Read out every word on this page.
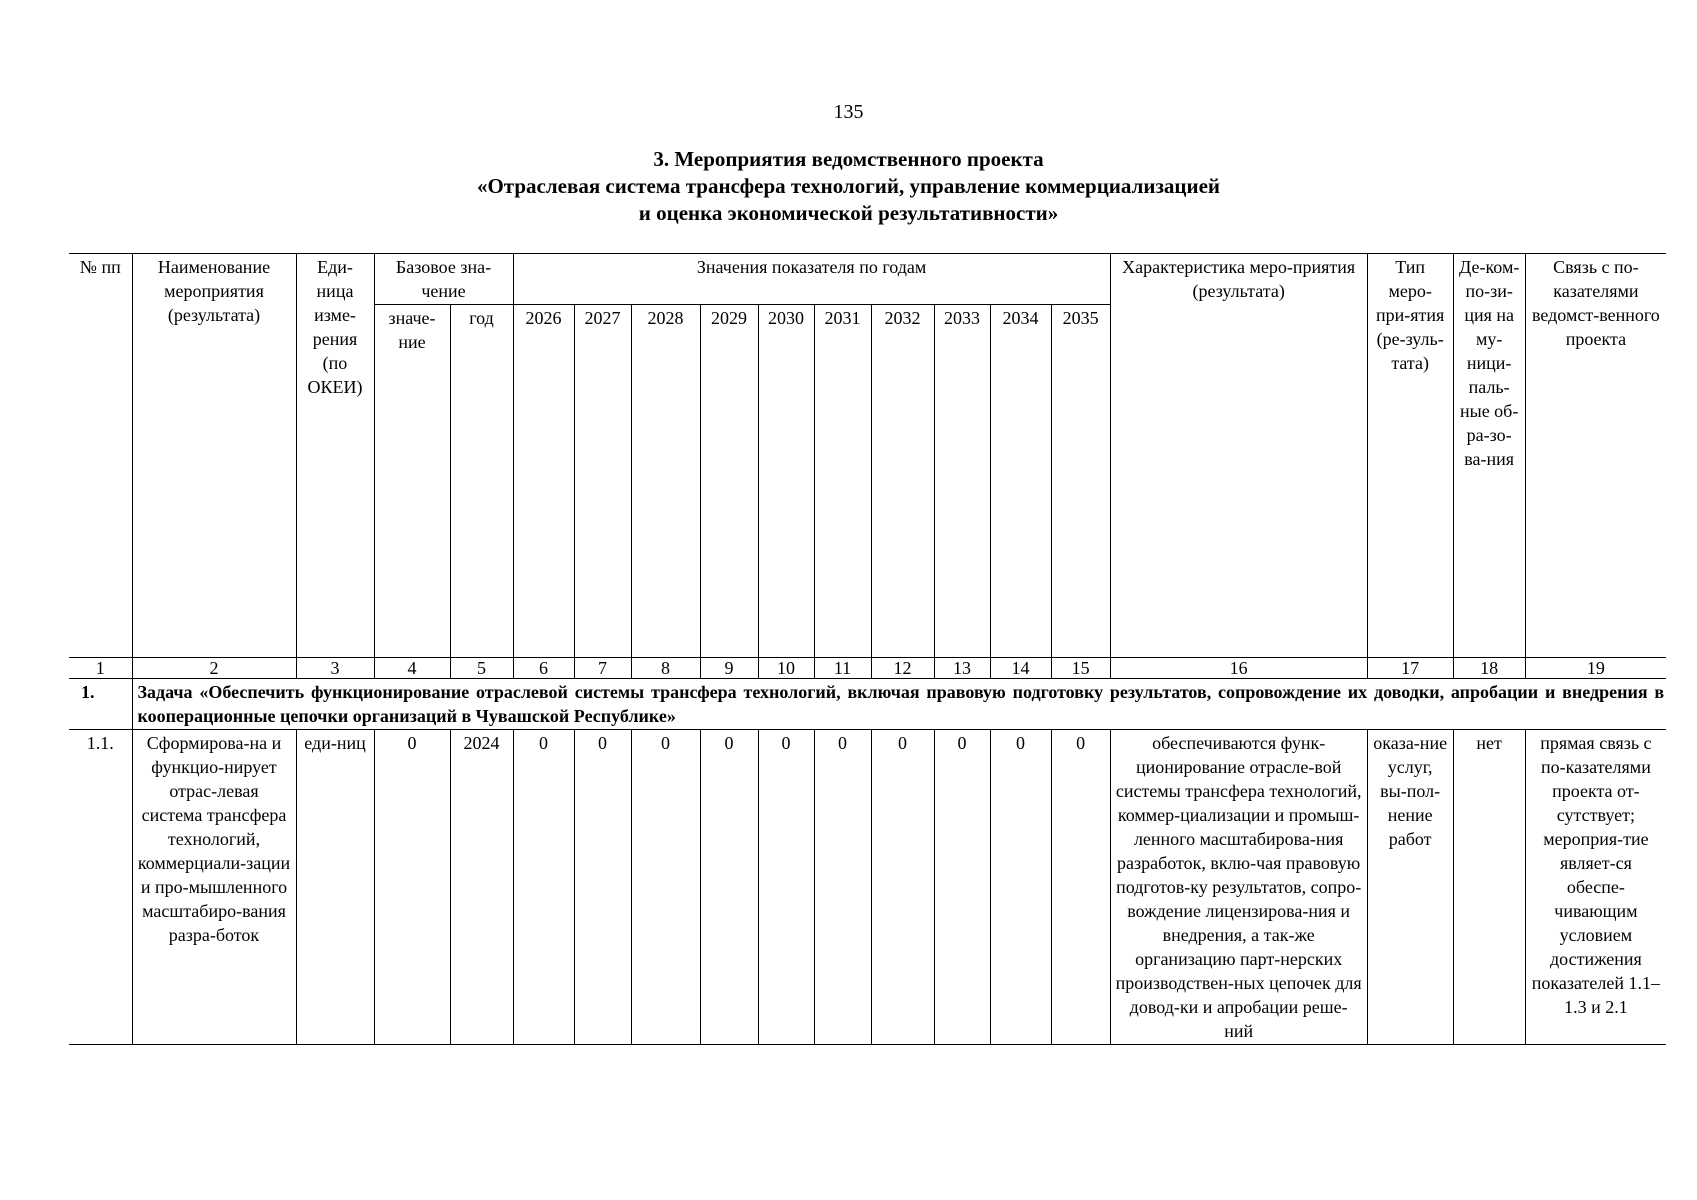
135
3. Мероприятия ведомственного проекта
«Отраслевая система трансфера технологий, управление коммерциализацией
и оценка экономической результативности»
№ пп	Наименование мероприятия (результата)	Еди-ница изме-рения (по ОКЕИ)	Базовое зна-чение		Значения показателя по годам										Характеристика меро-приятия (результата)	Тип меро-при-ятия (ре-зуль-тата)	Де-ком-по-зи-ция на му-ници-паль-ные об-ра-зо-ва-ния	Связь с по-казателями ведомст-венного проекта
			значе-ние	год	2026	2027	2028	2029	2030	2031	2032	2033	2034	2035				

1	2	3	4	5	6	7	8	9	10	11	12	13	14	15	16	17	18	19
1.	Задача «Обеспечить функционирование отраслевой системы трансфера технологий, включая правовую подготовку результатов, сопровождение их доводки, апробации и внедрения в кооперационные цепочки организаций в Чувашской Республике»																	
1.1.	Сформирова-на и функцио-нирует отрас-левая система трансфера технологий, коммерциали-зации и про-мышленного масштабиро-вания разра-боток	еди-ниц	0	2024	0	0	0	0	0	0	0	0	0	0	обеспечиваются функ-ционирование отрасле-вой системы трансфера технологий, коммер-циализации и промыш-ленного масштабирова-ния разработок, вклю-чая правовую подготов-ку результатов, сопро-вождение лицензирова-ния и внедрения, а так-же организацию парт-нерских производствен-ных цепочек для довод-ки и апробации реше-ний	оказа-ние услуг, вы-пол-нение работ	нет	прямая связь с по-казателями проекта от-сутствует; мероприя-тие являет-ся обеспе-чивающим условием достижения показателей 1.1–1.3 и 2.1
